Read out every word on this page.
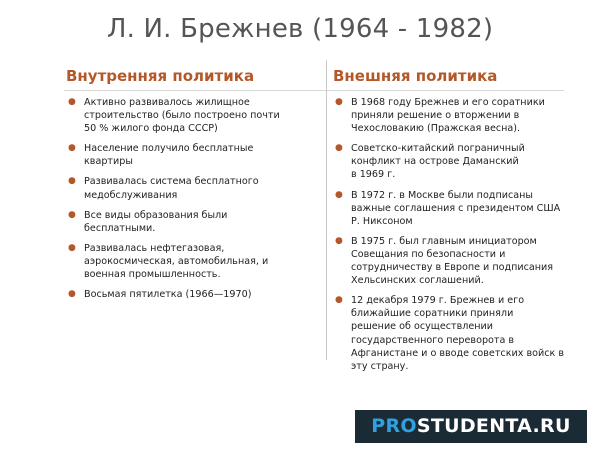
Л. И. Брежнев (1964 - 1982)
Внутренняя политика	Внешняя политика
● Активно развивалось жилищное
строительство (было построено почти
50 % жилого фонда СССР)
● Население получило бесплатные
квартиры
● Развивалась система бесплатного
медобслуживания
● Все виды образования были
бесплатными.
● Развивалась нефтегазовая,
аэрокосмическая, автомобильная, и
военная промышленность.
● Восьмая пятилетка (1966—1970)
● В 1968 году Брежнев и его соратники
приняли решение о вторжении в
Чехословакию (Пражская весна).
● Советско-китайский пограничный
конфликт на острове Даманский
в 1969 г.
● В 1972 г. в Москве были подписаны
важные соглашения с президентом США
Р. Никсоном
● В 1975 г. был главным инициатором
Совещания по безопасности и
сотрудничеству в Европе и подписания
Хельсинских соглашений.
● 12 декабря 1979 г. Брежнев и его
ближайшие соратники приняли
решение об осуществлении
государственного переворота в
Афганистане и о вводе советских войск в
эту страну.
PROSTUDENTA.RU
